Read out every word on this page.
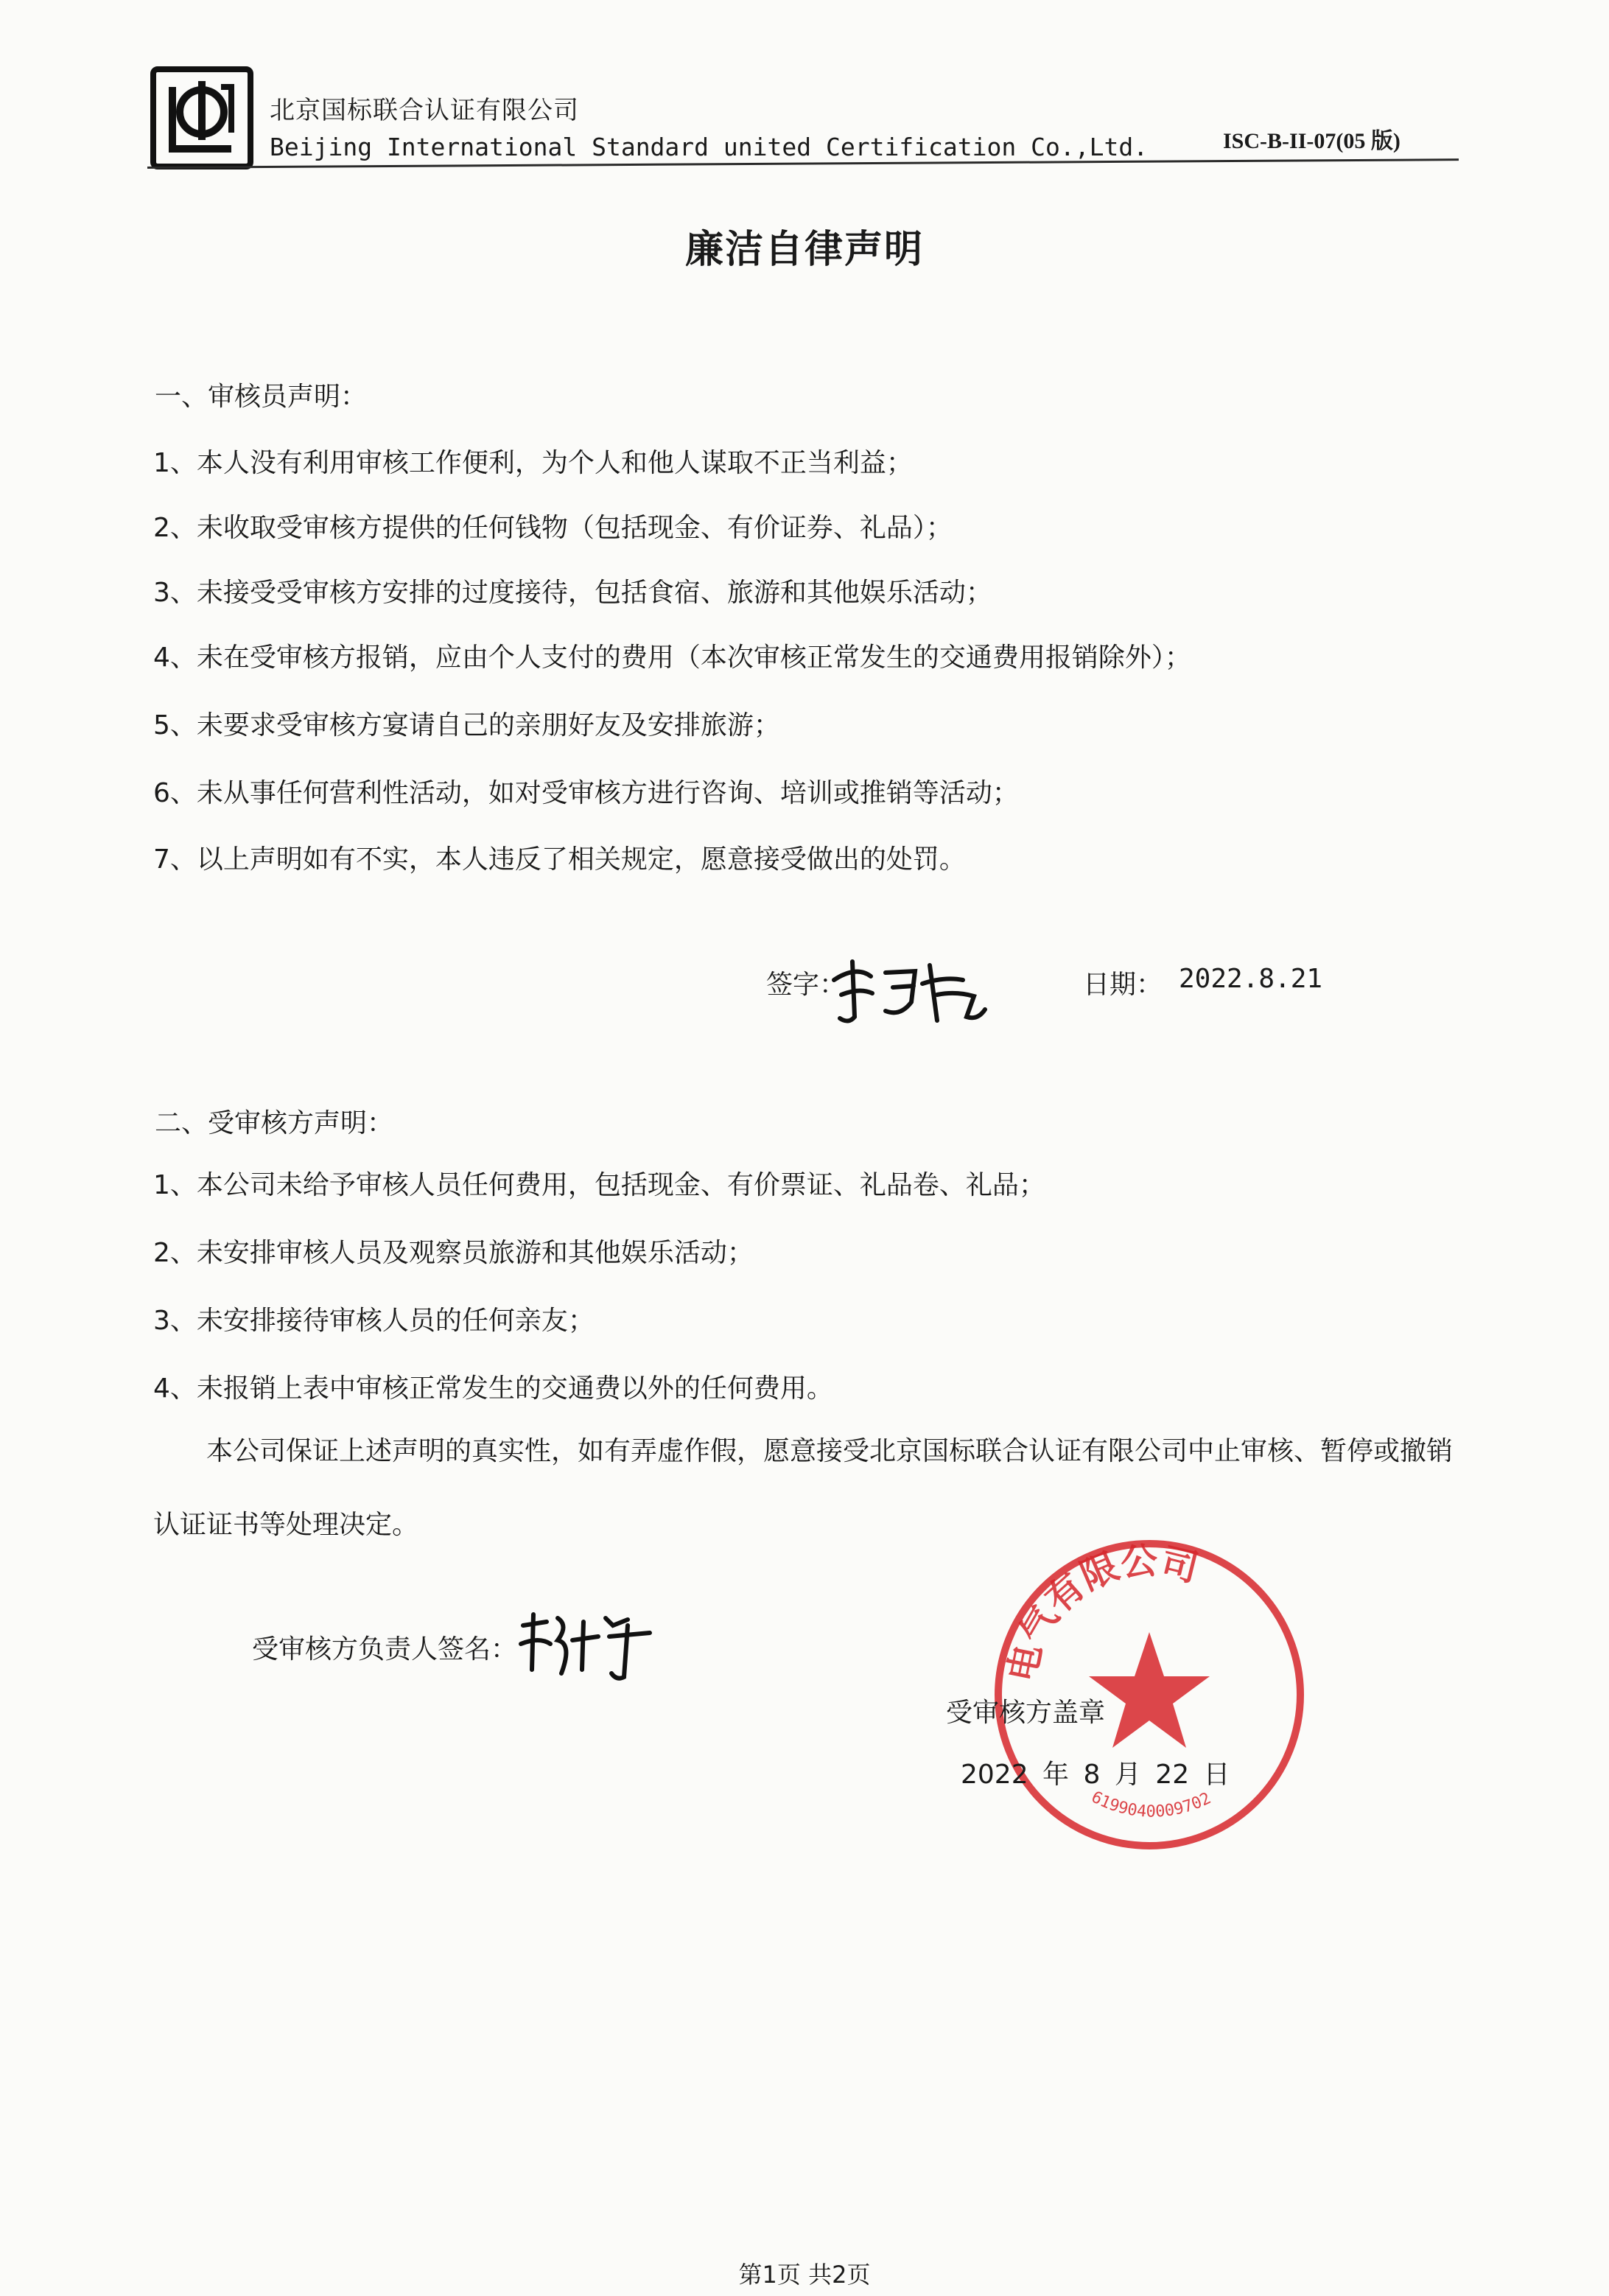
北京国标联合认证有限公司
Beijing International Standard united Certification Co.,Ltd.	ISC-B-II-07(05 版)
廉洁自律声明
一、审核员声明：
1、本人没有利用审核工作便利，为个人和他人谋取不正当利益；
2、未收取受审核方提供的任何钱物（包括现金、有价证券、礼品）；
3、未接受受审核方安排的过度接待，包括食宿、旅游和其他娱乐活动；
4、未在受审核方报销，应由个人支付的费用（本次审核正常发生的交通费用报销除外）；
5、未要求受审核方宴请自己的亲朋好友及安排旅游；
6、未从事任何营利性活动，如对受审核方进行咨询、培训或推销等活动；
7、以上声明如有不实，本人违反了相关规定，愿意接受做出的处罚。
签字：	日期： 2022.8.21
二、受审核方声明：
1、本公司未给予审核人员任何费用，包括现金、有价票证、礼品卷、礼品；
2、未安排审核人员及观察员旅游和其他娱乐活动；
3、未安排接待审核人员的任何亲友；
4、未报销上表中审核正常发生的交通费以外的任何费用。
本公司保证上述声明的真实性，如有弄虚作假，愿意接受北京国标联合认证有限公司中止审核、暂停或撤销认证证书等处理决定。
受审核方负责人签名：	电气有限公司
6199040009702
受审核方盖章
2022 年 8 月 22 日
第1页 共2页
